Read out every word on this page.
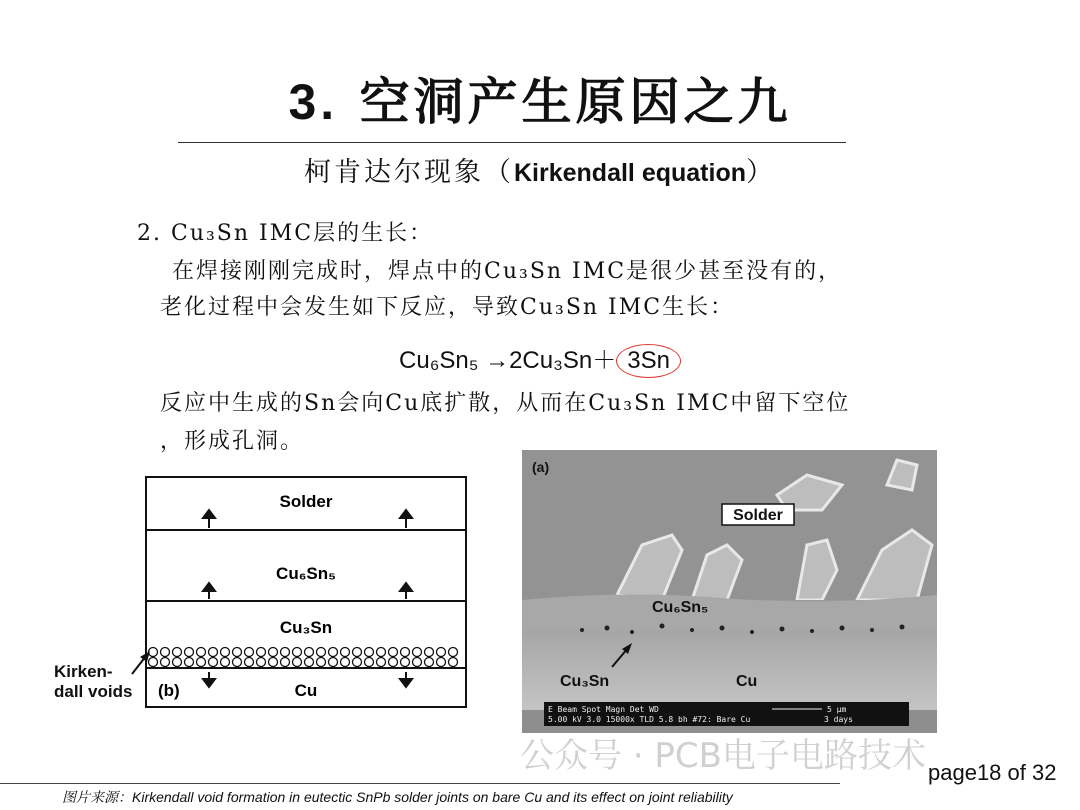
3. 空洞产生原因之九
柯肯达尔现象（Kirkendall equation）
2. Cu₃Sn IMC层的生长：
在焊接刚刚完成时，焊点中的Cu₃Sn IMC是很少甚至没有的，
老化过程中会发生如下反应，导致Cu₃Sn IMC生长：
Cu₆Sn₅ →2Cu₃Sn＋ 3Sn
反应中生成的Sn会向Cu底扩散，从而在Cu₃Sn IMC中留下空位
，形成孔洞。
Solder
Cu₆Sn₅
Cu₃Sn
Cu
(b)
Kirken-
dall voids
(a)
Solder
Cu₆Sn₅
Cu₃Sn	Cu
E Beam Spot Magn Det WD
5.00 kV 3.0 15000x TLD 5.8 bh #72: Bare Cu
5 µm
3 days
公众号 · PCB电子电路技术 page18 of 32
图片来源：Kirkendall void formation in eutectic SnPb solder joints on bare Cu and its effect on joint reliability
